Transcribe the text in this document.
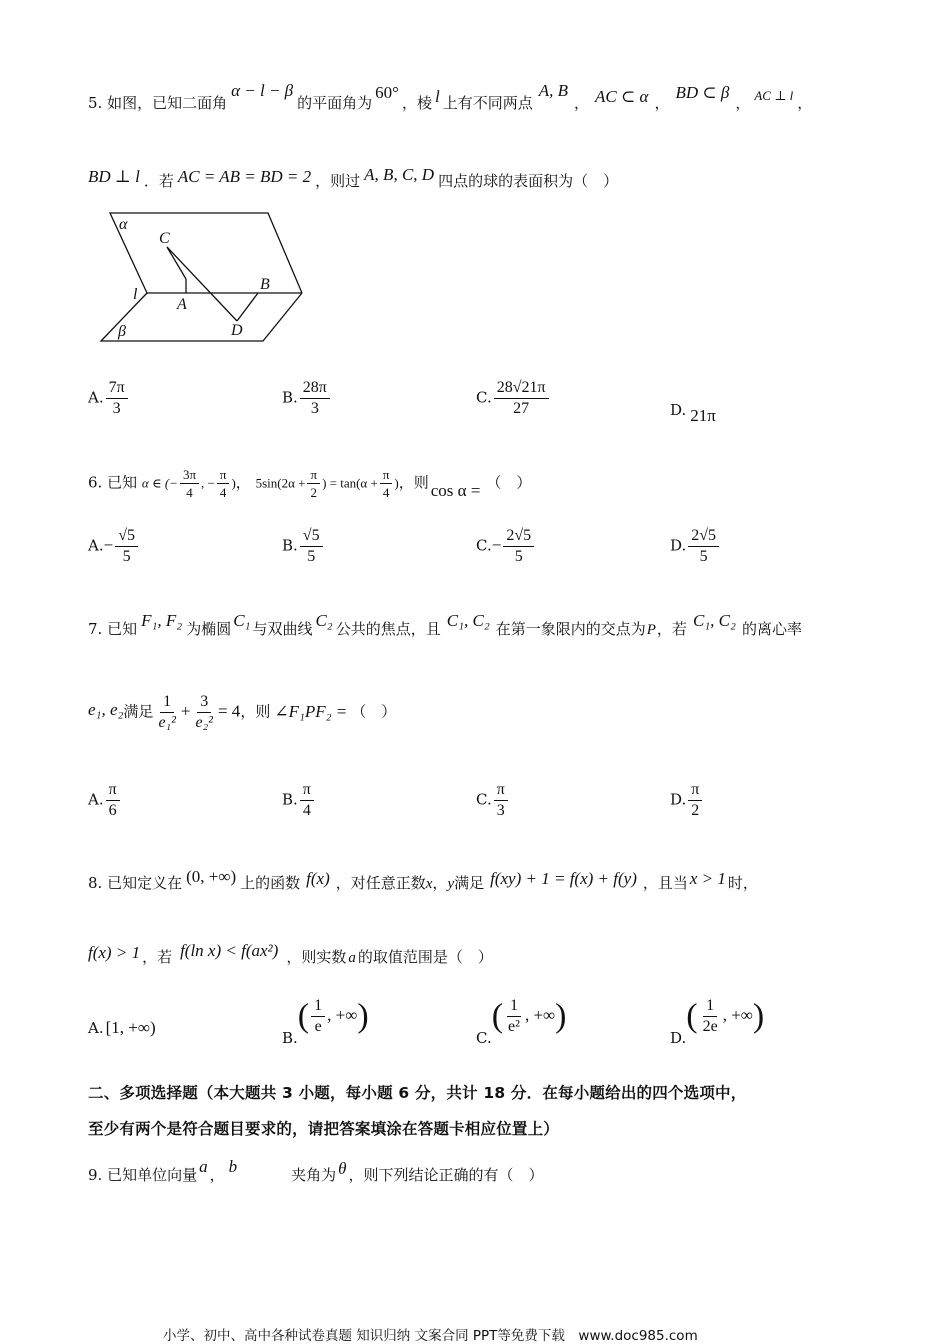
5. 如图，已知二面角α − l − β的平面角为60°，棱 l 上有不同两点A, B， AC ⊂ α ，BD ⊂ β， AC ⊥ l ，
BD ⊥ l ．若 AC = AB = BD = 2 ，则过 A, B, C, D 四点的球的表面积为（　）
α
C
l
A
B
D
β
A. $\frac{7\pi}{3}$	B. $\frac{28\pi}{3}$	C. $\frac{28√21\pi}{27}$	D. 21π
6. 已知 α ∈ (− $\frac{3\pi}{4}$ , − $\frac{\pi}{4}$ )， $5\sin(2\alpha + \frac{\pi}{2}$ ) = $\tan(\alpha + \frac{\pi}{4}$ )，则 cos α = （　）
$A.- \frac{√5}{5}$	B. $\frac{√5}{5}$	$C.- \frac{2√5}{5}$	D. $\frac{2√5}{5}$
7. 已知 F₁, F₂ 为椭圆 C₁ 与双曲线 C₂ 公共的焦点，且 C₁, C₂ 在第一象限内的交点为P，若 C₁, C₂ 的离心率
e₁, e₂满足 $\frac{1}{\text{e₁²}} + \frac{3}{\text{e₂²}} = 4$，则 ∠F₁PF₂ = （　）
A. $\frac{\pi}{6}$	B. $\frac{\pi}{4}$	C. $\frac{\pi}{3}$	D. $\frac{\pi}{2}$
8. 已知定义在 (0, +∞) 上的函数 f(x) ，对任意正数x，y满足 f(xy) + 1 = f(x) + f(y) ，且当 x > 1 时，
f(x) > 1 ，若 f(ln x) < f(ax²) ，则实数 a 的取值范围是（　）
A. [1, +∞)
$B.( \frac{1}{e}$ , +∞)
$C.( \frac{1}{\text{e²}}$ , +∞)
$D.( \frac{1}{2e}$ , +∞)
二、多项选择题（本大题共 3 小题，每小题 6 分，共计 18 分．在每小题给出的四个选项中，
至少有两个是符合题目要求的，请把答案填涂在答题卡相应位置上）
9. 已知单位向量 a ， b	夹角为 θ ，则下列结论正确的有（　）
小学、初中、高中各种试卷真题 知识归纳 文案合同 PPT等免费下载　www.doc985.com
